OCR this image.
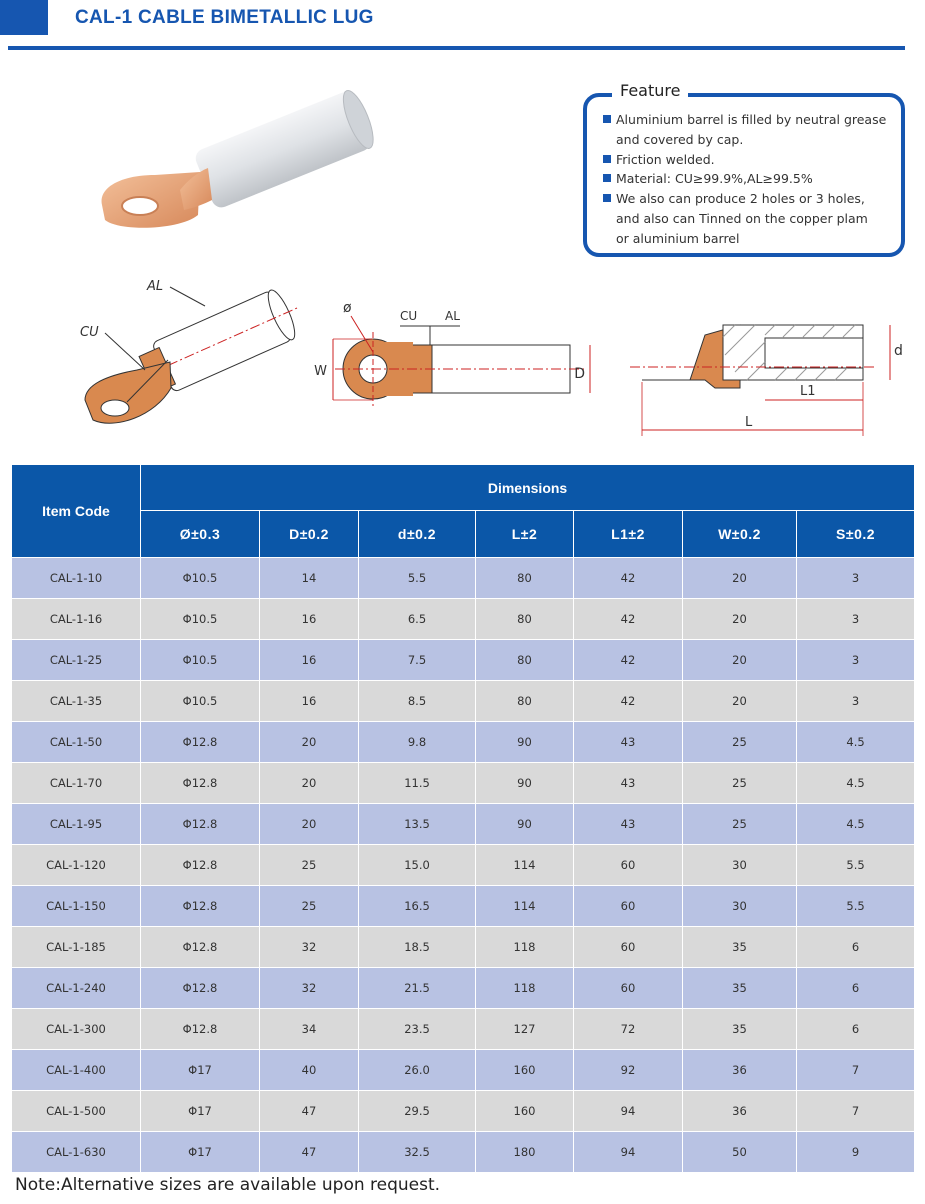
CAL-1 CABLE BIMETALLIC LUG
Feature
Aluminium barrel is filled by neutral grease
and covered by cap.
Friction welded.
Material: CU≥99.9%,AL≥99.5%
We also can produce 2 holes or 3 holes,
and also can Tinned on the copper plam
or aluminium barrel
AL
CU
W	D
ø	CU AL
d
L1
L
Item Code	Dimensions						
	Ø±0.3	D±0.2	d±0.2	L±2	L1±2	W±0.2	S±0.2
CAL-1-10	Φ10.5	14	5.5	80	42	20	3
CAL-1-16	Φ10.5	16	6.5	80	42	20	3
CAL-1-25	Φ10.5	16	7.5	80	42	20	3
CAL-1-35	Φ10.5	16	8.5	80	42	20	3
CAL-1-50	Φ12.8	20	9.8	90	43	25	4.5
CAL-1-70	Φ12.8	20	11.5	90	43	25	4.5
CAL-1-95	Φ12.8	20	13.5	90	43	25	4.5
CAL-1-120	Φ12.8	25	15.0	114	60	30	5.5
CAL-1-150	Φ12.8	25	16.5	114	60	30	5.5
CAL-1-185	Φ12.8	32	18.5	118	60	35	6
CAL-1-240	Φ12.8	32	21.5	118	60	35	6
CAL-1-300	Φ12.8	34	23.5	127	72	35	6
CAL-1-400	Φ17	40	26.0	160	92	36	7
CAL-1-500	Φ17	47	29.5	160	94	36	7
CAL-1-630	Φ17	47	32.5	180	94	50	9
Note:Alternative sizes are available upon request.
